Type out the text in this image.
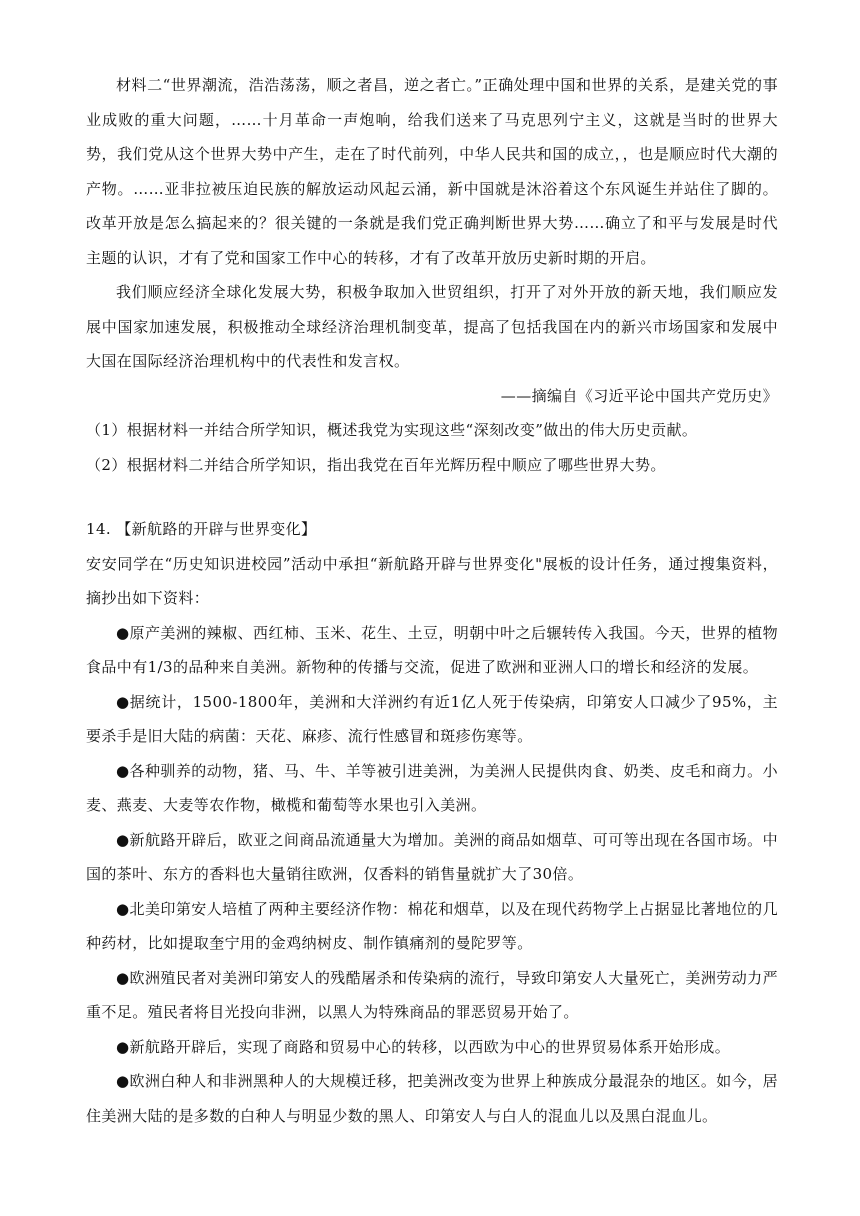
材料二“世界潮流，浩浩荡荡，顺之者昌，逆之者亡。”正确处理中国和世界的关系，是建关党的事业成败的重大问题，……十月革命一声炮响，给我们送来了马克思列宁主义，这就是当时的世界大势，我们党从这个世界大势中产生，走在了时代前列，中华人民共和国的成立，，也是顺应时代大潮的产物。……亚非拉被压迫民族的解放运动风起云涌，新中国就是沐浴着这个东风诞生并站住了脚的。改革开放是怎么搞起来的？很关键的一条就是我们党正确判断世界大势……确立了和平与发展是时代主题的认识，才有了党和国家工作中心的转移，才有了改革开放历史新时期的开启。

我们顺应经济全球化发展大势，积极争取加入世贸组织，打开了对外开放的新天地，我们顺应发展中国家加速发展，积极推动全球经济治理机制变革，提高了包括我国在内的新兴市场国家和发展中大国在国际经济治理机构中的代表性和发言权。

——摘编自《习近平论中国共产党历史》

（1）根据材料一并结合所学知识，概述我党为实现这些“深刻改变”做出的伟大历史贡献。

（2）根据材料二并结合所学知识，指出我党在百年光辉历程中顺应了哪些世界大势。

14. 【新航路的开辟与世界变化】

安安同学在“历史知识进校园”活动中承担“新航路开辟与世界变化"展板的设计任务，通过搜集资料，摘抄出如下资料：

●原产美洲的辣椒、西红柿、玉米、花生、土豆，明朝中叶之后辗转传入我国。今天，世界的植物食品中有1/3的品种来自美洲。新物种的传播与交流，促进了欧洲和亚洲人口的增长和经济的发展。

●据统计，1500-1800年，美洲和大洋洲约有近1亿人死于传染病，印第安人口减少了95%，主要杀手是旧大陆的病菌：天花、麻疹、流行性感冒和斑疹伤寒等。

●各种驯养的动物，猪、马、牛、羊等被引进美洲，为美洲人民提供肉食、奶类、皮毛和商力。小麦、燕麦、大麦等农作物，橄榄和葡萄等水果也引入美洲。

●新航路开辟后，欧亚之间商品流通量大为增加。美洲的商品如烟草、可可等出现在各国市场。中国的茶叶、东方的香料也大量销往欧洲，仅香料的销售量就扩大了30倍。

●北美印第安人培植了两种主要经济作物：棉花和烟草，以及在现代药物学上占据显比著地位的几种药材，比如提取奎宁用的金鸡纳树皮、制作镇痛剂的曼陀罗等。

●欧洲殖民者对美洲印第安人的残酷屠杀和传染病的流行，导致印第安人大量死亡，美洲劳动力严重不足。殖民者将目光投向非洲，以黑人为特殊商品的罪恶贸易开始了。

●新航路开辟后，实现了商路和贸易中心的转移，以西欧为中心的世界贸易体系开始形成。

●欧洲白种人和非洲黑种人的大规模迁移，把美洲改变为世界上种族成分最混杂的地区。如今，居住美洲大陆的是多数的白种人与明显少数的黑人、印第安人与白人的混血儿以及黑白混血儿。
